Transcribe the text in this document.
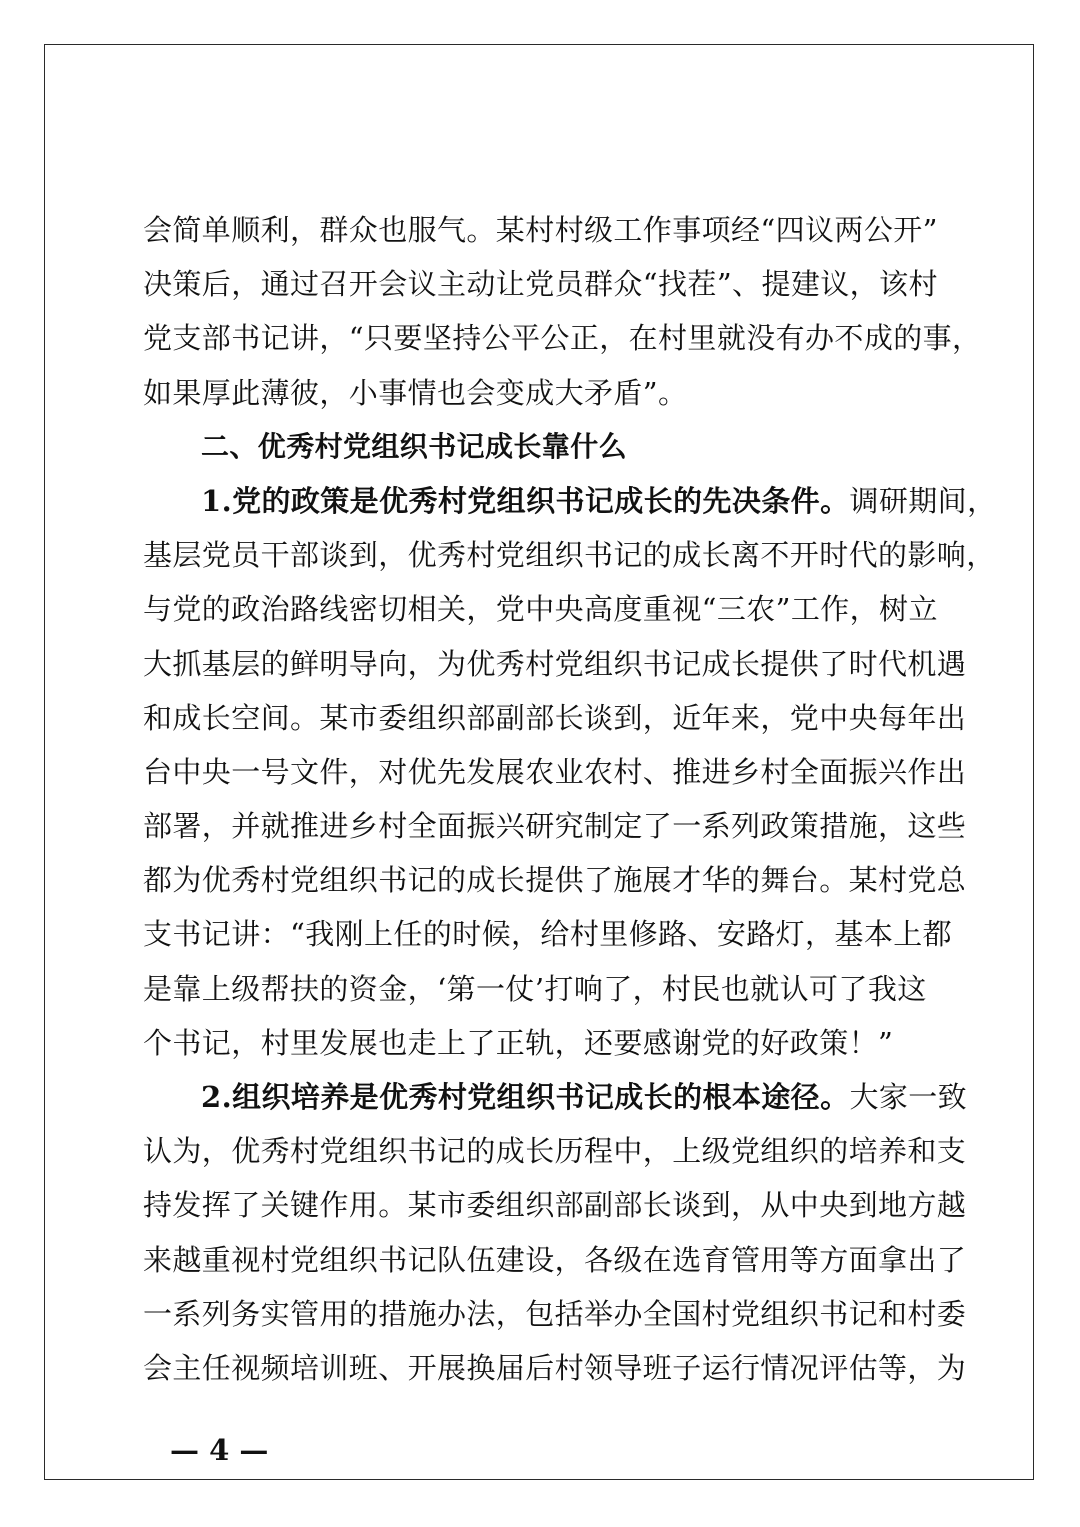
会简单顺利，群众也服气。某村村级工作事项经“四议两公开”
决策后，通过召开会议主动让党员群众“找茬”、提建议，该村
党支部书记讲，“只要坚持公平公正，在村里就没有办不成的事，
如果厚此薄彼，小事情也会变成大矛盾”。
二、优秀村党组织书记成长靠什么
1.党的政策是优秀村党组织书记成长的先决条件。调研期间，
基层党员干部谈到，优秀村党组织书记的成长离不开时代的影响，
与党的政治路线密切相关，党中央高度重视“三农”工作，树立
大抓基层的鲜明导向，为优秀村党组织书记成长提供了时代机遇
和成长空间。某市委组织部副部长谈到，近年来，党中央每年出
台中央一号文件，对优先发展农业农村、推进乡村全面振兴作出
部署，并就推进乡村全面振兴研究制定了一系列政策措施，这些
都为优秀村党组织书记的成长提供了施展才华的舞台。某村党总
支书记讲：“我刚上任的时候，给村里修路、安路灯，基本上都
是靠上级帮扶的资金，‘第一仗’打响了，村民也就认可了我这
个书记，村里发展也走上了正轨，还要感谢党的好政策！”
2.组织培养是优秀村党组织书记成长的根本途径。大家一致
认为，优秀村党组织书记的成长历程中，上级党组织的培养和支
持发挥了关键作用。某市委组织部副部长谈到，从中央到地方越
来越重视村党组织书记队伍建设，各级在选育管用等方面拿出了
一系列务实管用的措施办法，包括举办全国村党组织书记和村委
会主任视频培训班、开展换届后村领导班子运行情况评估等，为
— 4 —
